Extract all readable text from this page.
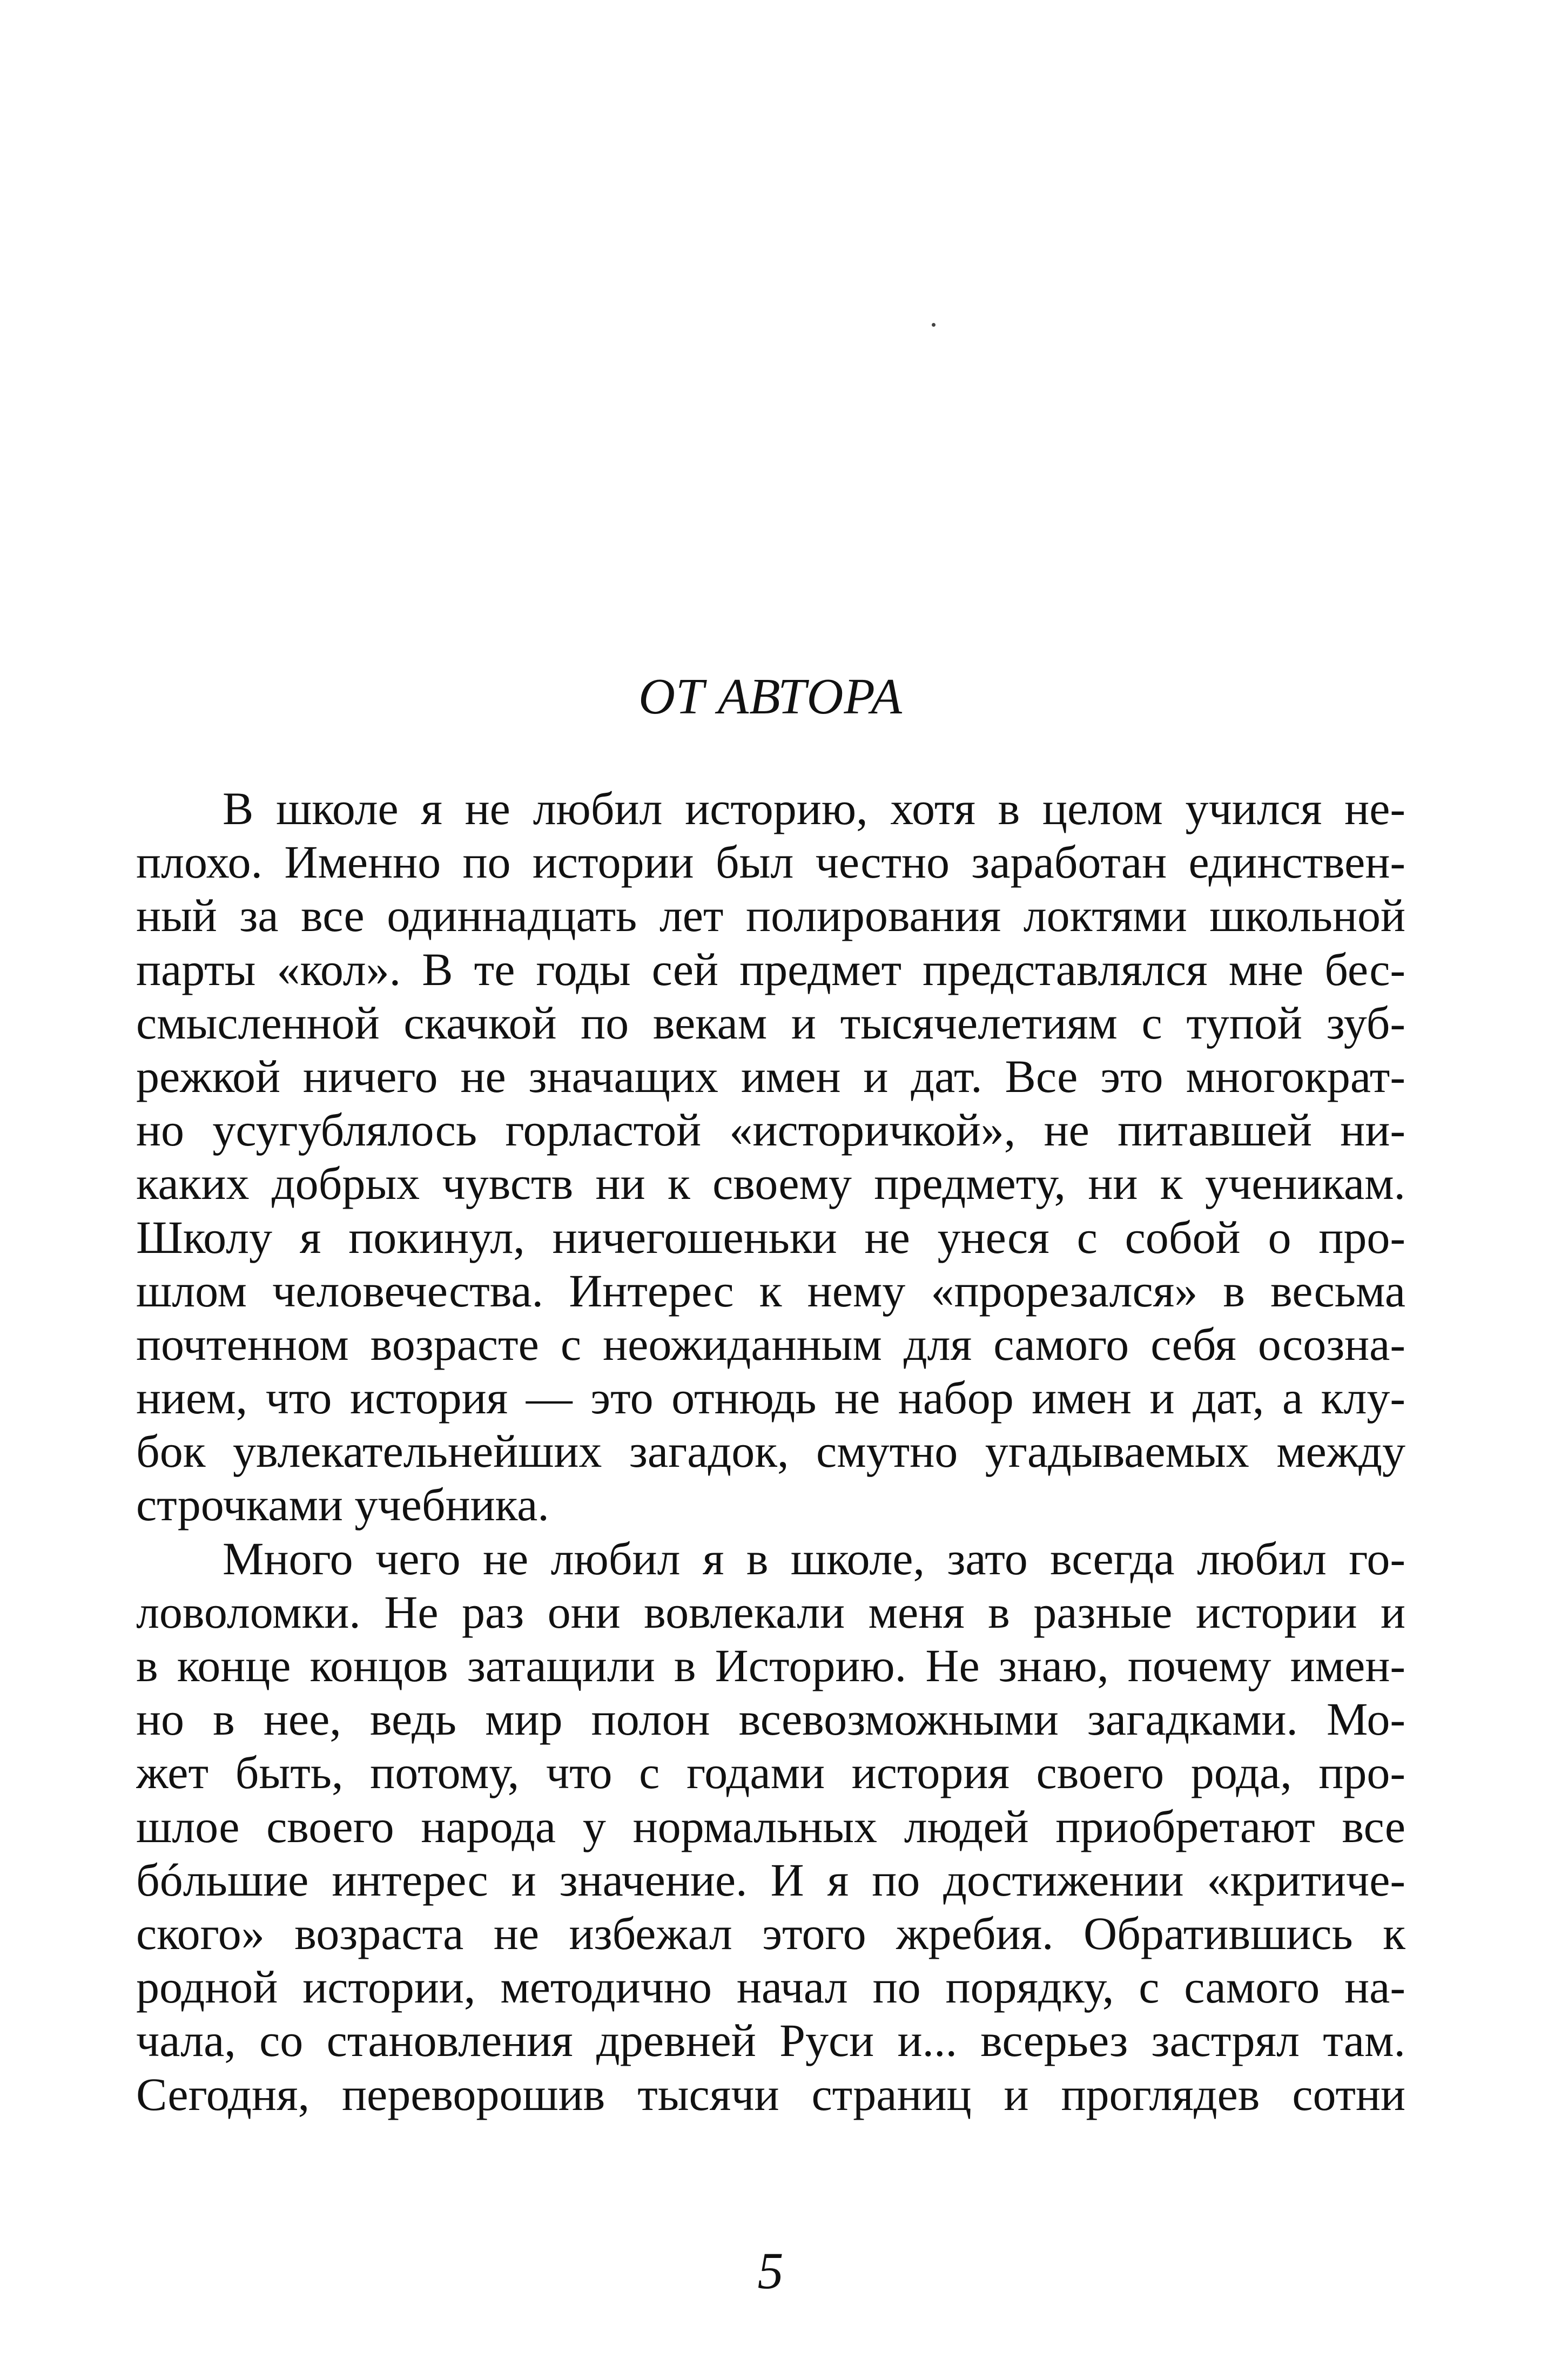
ОТ АВТОРА
В школе я не любил историю, хотя в целом учился не-
плохо. Именно по истории был честно заработан единствен-
ный за все одиннадцать лет полирования локтями школьной
парты «кол». В те годы сей предмет представлялся мне бес-
смысленной скачкой по векам и тысячелетиям с тупой зуб-
режкой ничего не значащих имен и дат. Все это многократ-
но усугублялось горластой «историчкой», не питавшей ни-
каких добрых чувств ни к своему предмету, ни к ученикам.
Школу я покинул, ничегошеньки не унеся с собой о про-
шлом человечества. Интерес к нему «прорезался» в весьма
почтенном возрасте с неожиданным для самого себя осозна-
нием, что история — это отнюдь не набор имен и дат, а клу-
бок увлекательнейших загадок, смутно угадываемых между
строчками учебника.
Много чего не любил я в школе, зато всегда любил го-
ловоломки. Не раз они вовлекали меня в разные истории и
в конце концов затащили в Историю. Не знаю, почему имен-
но в нее, ведь мир полон всевозможными загадками. Мо-
жет быть, потому, что с годами история своего рода, про-
шлое своего народа у нормальных людей приобретают все
бóльшие интерес и значение. И я по достижении «критиче-
ского» возраста не избежал этого жребия. Обратившись к
родной истории, методично начал по порядку, с самого на-
чала, со становления древней Руси и... всерьез застрял там.
Сегодня, переворошив тысячи страниц и проглядев сотни
5
